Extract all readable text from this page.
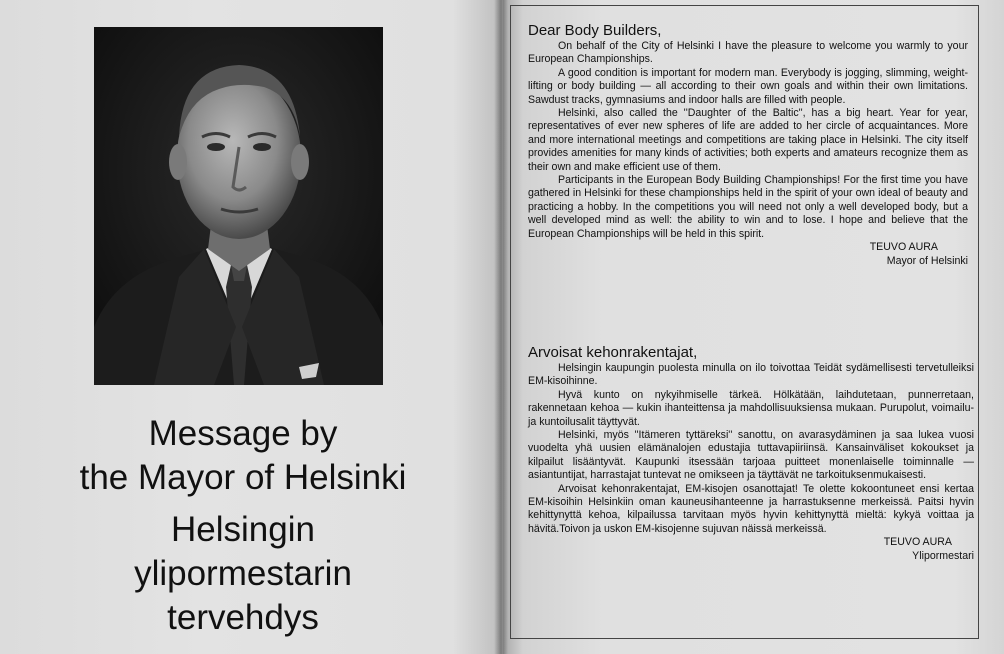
Message by
the Mayor of Helsinki
Helsingin
ylipormestarin
tervehdys
Dear Body Builders,

On behalf of the City of Helsinki I have the pleasure to welcome you warmly to your European Championships.

A good condition is important for modern man. Everybody is jogging, slimming, weight-lifting or body building — all according to their own goals and within their own limitations. Sawdust tracks, gymnasiums and indoor halls are filled with people.

Helsinki, also called the ''Daughter of the Baltic'', has a big heart. Year for year, representatives of ever new spheres of life are added to her circle of acquaintances. More and more international meetings and competitions are taking place in Helsinki. The city itself provides amenities for many kinds of activities; both experts and amateurs recognize them as their own and make efficient use of them.

Participants in the European Body Building Championships! For the first time you have gathered in Helsinki for these championships held in the spirit of your own ideal of beauty and practicing a hobby. In the competitions you will need not only a well developed body, but a well developed mind as well: the ability to win and to lose. I hope and believe that the European Championships will be held in this spirit.

TEUVO AURA

Mayor of Helsinki

Arvoisat kehonrakentajat,

Helsingin kaupungin puolesta minulla on ilo toivottaa Teidät sydämellisesti tervetulleiksi EM-kisoihinne.

Hyvä kunto on nykyihmiselle tärkeä. Hölkätään, laihdutetaan, punnerretaan, rakennetaan kehoa — kukin ihanteittensa ja mahdollisuuksiensa mukaan. Purupolut, voimailu- ja kuntoilusalit täyttyvät.

Helsinki, myös ''Itämeren tyttäreksi'' sanottu, on avarasydäminen ja saa lukea vuosi vuodelta yhä uusien elämänalojen edustajia tuttavapiiriinsä. Kansainväliset kokoukset ja kilpailut lisääntyvät. Kaupunki itsessään tarjoaa puitteet monenlaiselle toiminnalle — asiantuntijat, harrastajat tuntevat ne omikseen ja täyttävät ne tarkoituksenmukaisesti.

Arvoisat kehonrakentajat, EM-kisojen osanottajat! Te olette kokoontuneet ensi kertaa EM-kisoihin Helsinkiin oman kauneusihanteenne ja harrastuksenne merkeissä. Paitsi hyvin kehittynyttä kehoa, kilpailussa tarvitaan myös hyvin kehittynyttä mieltä: kykyä voittaa ja hävitä.Toivon ja uskon EM-kisojenne sujuvan näissä merkeissä.

TEUVO AURA

Ylipormestari
